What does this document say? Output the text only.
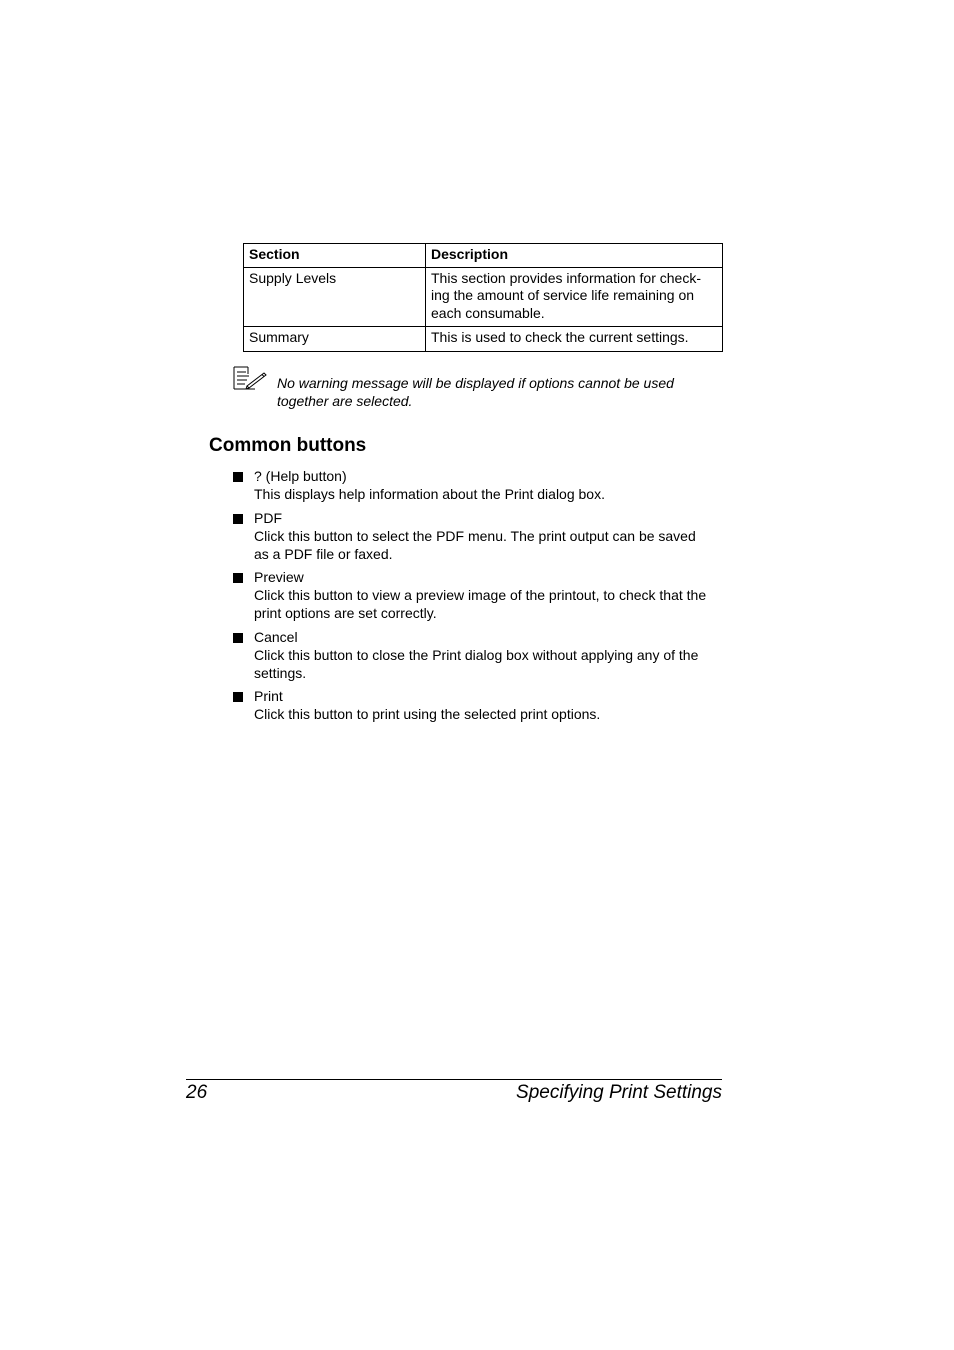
Section	Description
Supply Levels	This section provides information for check-
ing the amount of service life remaining on
each consumable.
Summary	This is used to check the current settings.
No warning message will be displayed if options cannot be used
together are selected.
Common buttons
? (Help button)
This displays help information about the Print dialog box.
PDF
Click this button to select the PDF menu. The print output can be saved
as a PDF file or faxed.
Preview
Click this button to view a preview image of the printout, to check that the
print options are set correctly.
Cancel
Click this button to close the Print dialog box without applying any of the
settings.
Print
Click this button to print using the selected print options.
26	Specifying Print Settings
